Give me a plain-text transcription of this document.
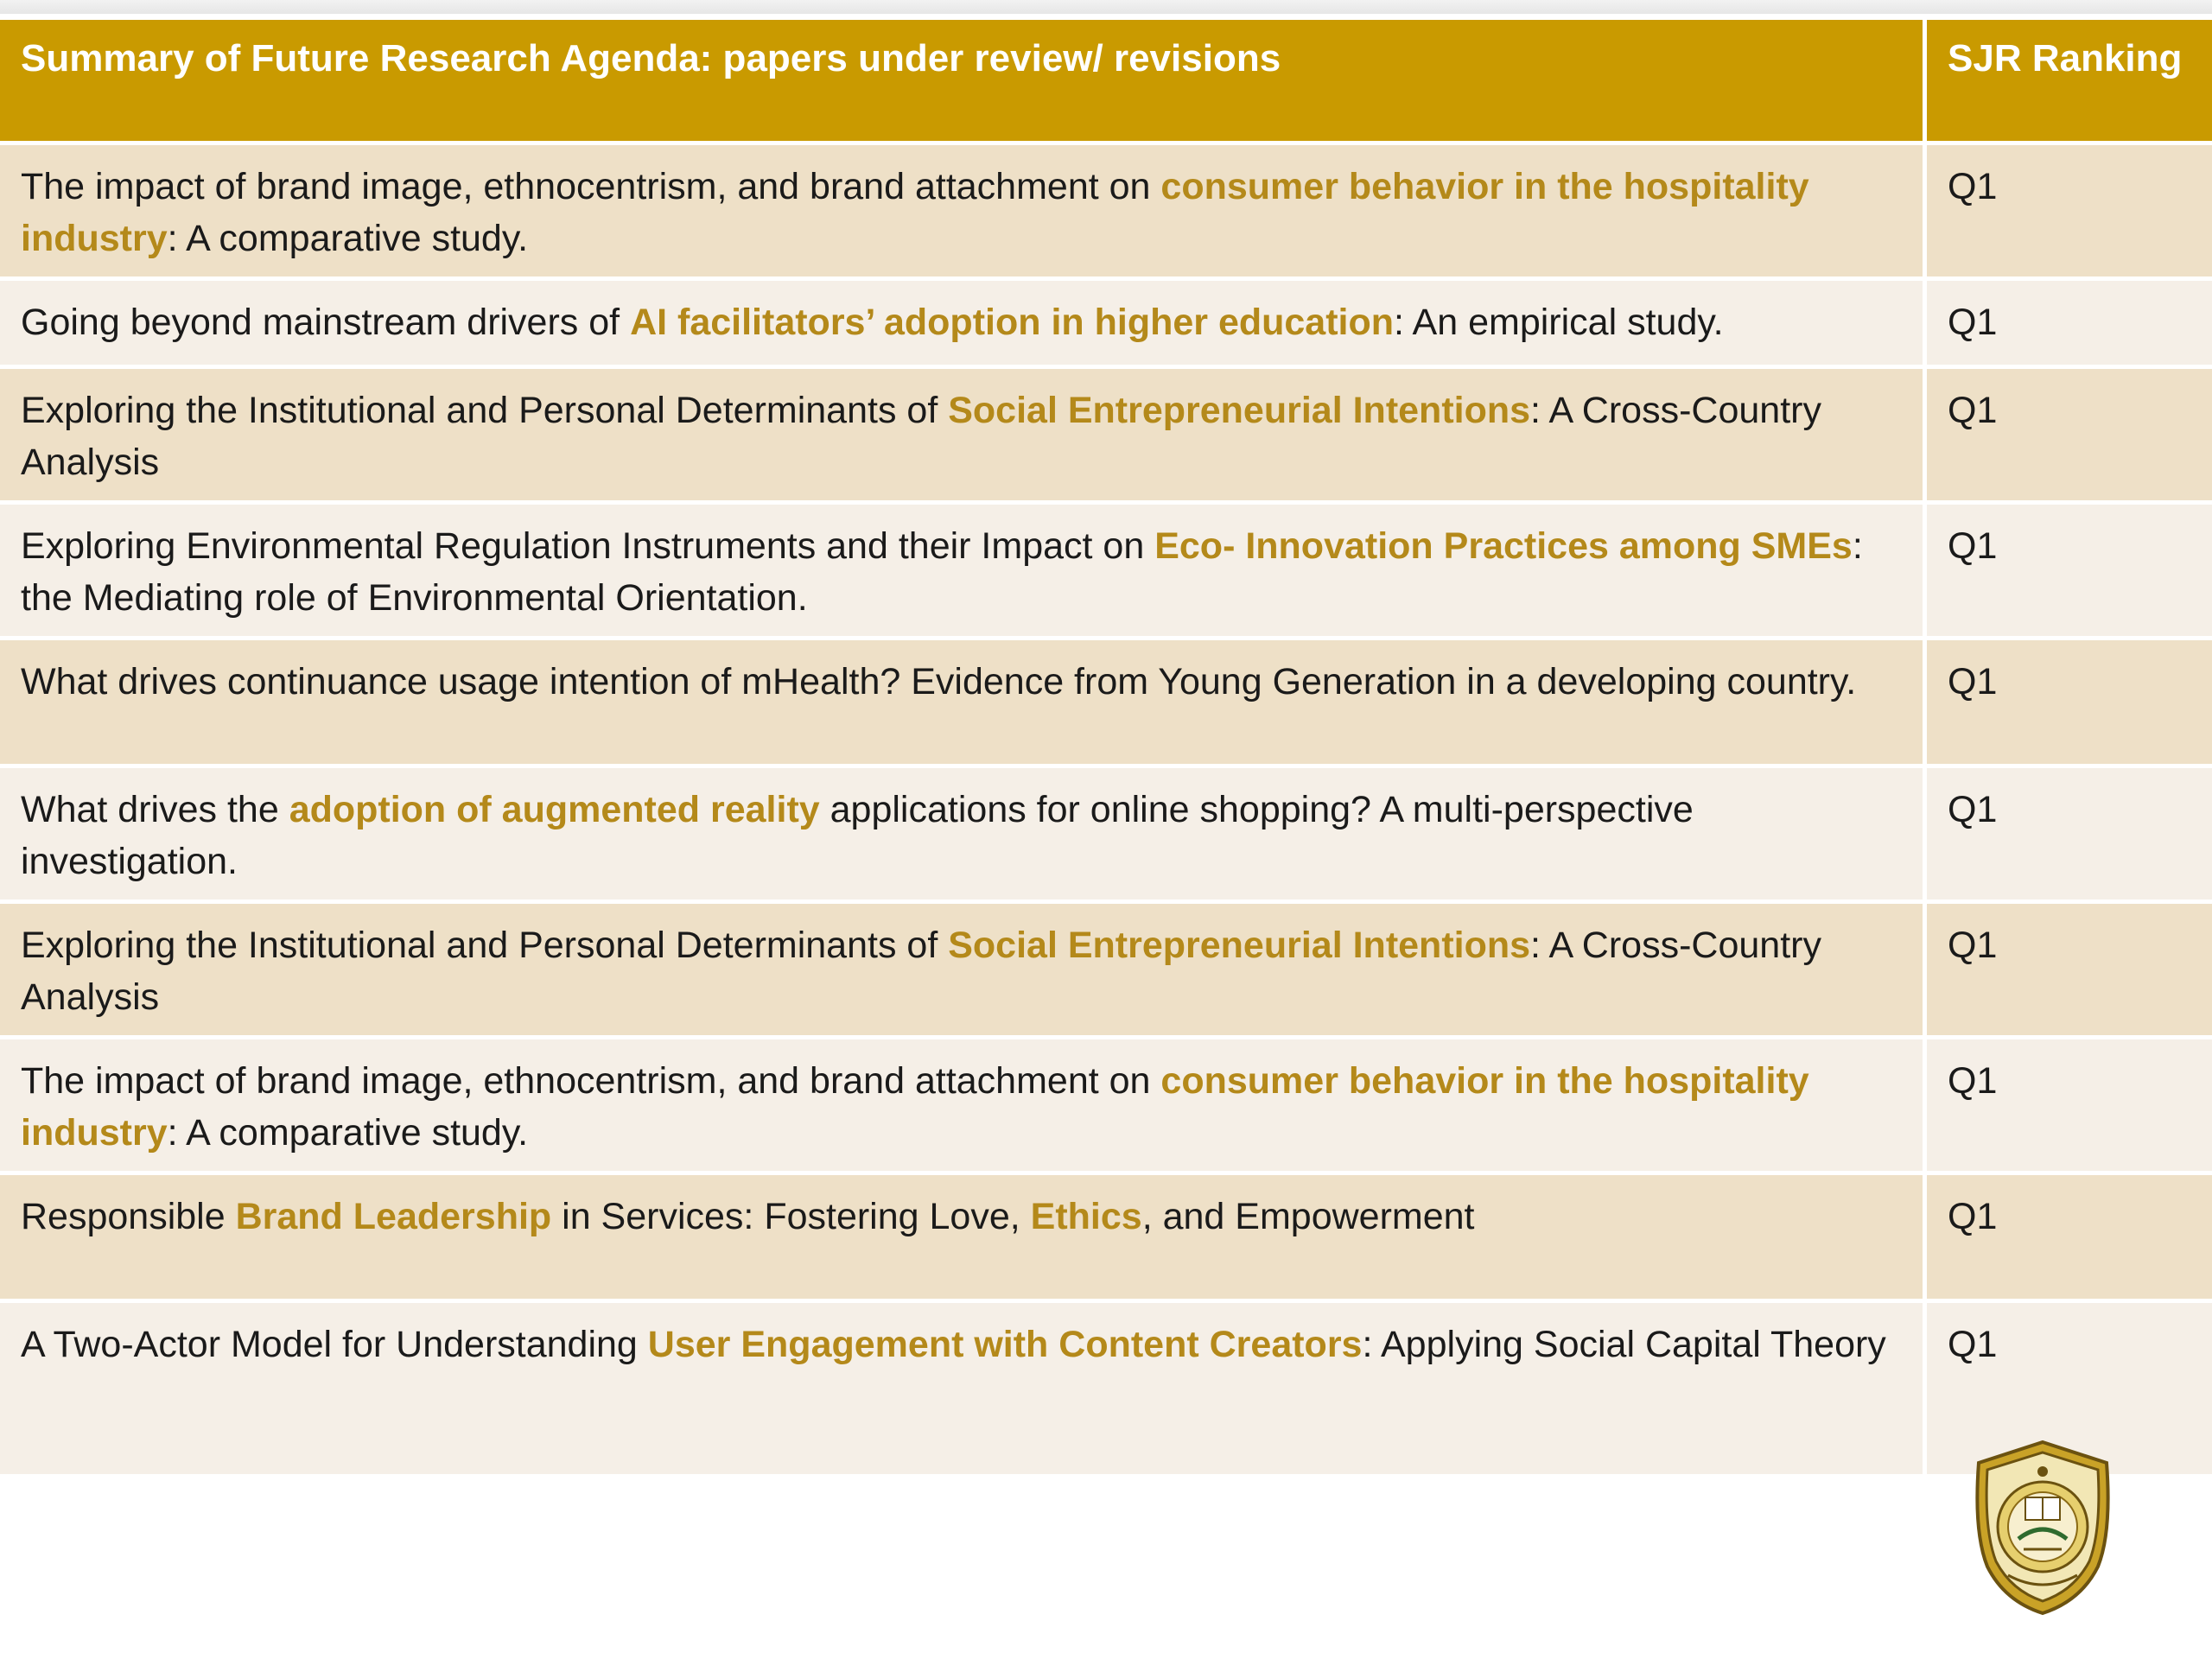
Summary of Future Research Agenda: papers under review/ revisions	SJR Ranking
The impact of brand image, ethnocentrism, and brand attachment on consumer behavior in the hospitality industry: A comparative study.	Q1
Going beyond mainstream drivers of AI facilitators’ adoption in higher education: An empirical study.	Q1
Exploring the Institutional and Personal Determinants of Social Entrepreneurial Intentions: A Cross-Country Analysis	Q1
Exploring Environmental Regulation Instruments and their Impact on Eco- Innovation Practices among SMEs: the Mediating role of Environmental Orientation.	Q1
What drives continuance usage intention of mHealth? Evidence from Young Generation in a developing country.	Q1
What drives the adoption of augmented reality applications for online shopping? A multi-perspective investigation.	Q1
Exploring the Institutional and Personal Determinants of Social Entrepreneurial Intentions: A Cross-Country Analysis	Q1
The impact of brand image, ethnocentrism, and brand attachment on consumer behavior in the hospitality industry: A comparative study.	Q1
Responsible Brand Leadership in Services: Fostering Love, Ethics, and Empowerment	Q1
A Two-Actor Model for Understanding User Engagement with Content Creators: Applying Social Capital Theory	Q1
